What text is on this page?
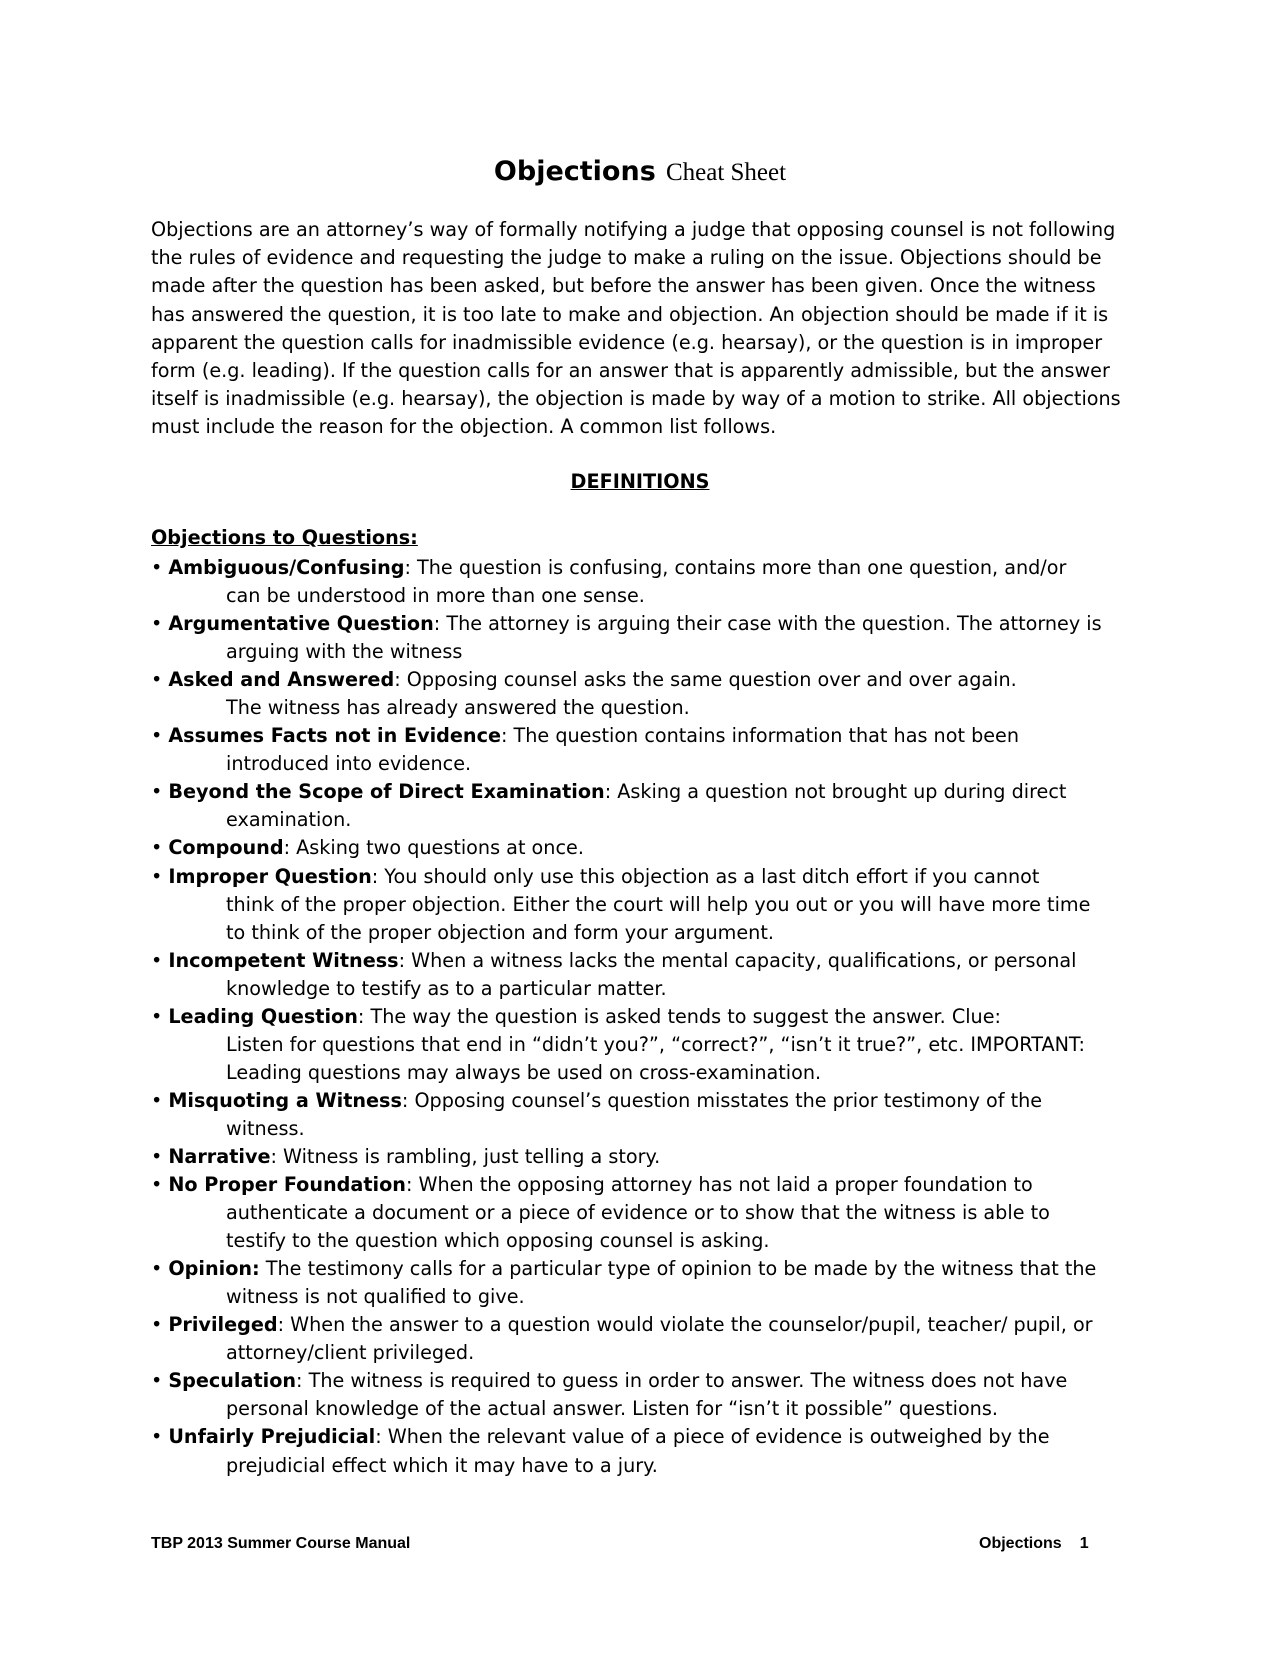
Objections Cheat Sheet

Objections are an attorney’s way of formally notifying a judge that opposing counsel is not following the rules of evidence and requesting the judge to make a ruling on the issue. Objections should be made after the question has been asked, but before the answer has been given. Once the witness has answered the question, it is too late to make and objection. An objection should be made if it is apparent the question calls for inadmissible evidence (e.g. hearsay), or the question is in improper form (e.g. leading). If the question calls for an answer that is apparently admissible, but the answer itself is inadmissible (e.g. hearsay), the objection is made by way of a motion to strike. All objections must include the reason for the objection. A common list follows.

DEFINITIONS
Objections to Questions:
• Ambiguous/Confusing: The question is confusing, contains more than one question, and/or
can be understood in more than one sense.
• Argumentative Question: The attorney is arguing their case with the question. The attorney is
arguing with the witness
• Asked and Answered: Opposing counsel asks the same question over and over again.
The witness has already answered the question.
• Assumes Facts not in Evidence: The question contains information that has not been
introduced into evidence.
• Beyond the Scope of Direct Examination: Asking a question not brought up during direct
examination.
• Compound: Asking two questions at once.
• Improper Question: You should only use this objection as a last ditch effort if you cannot
think of the proper objection. Either the court will help you out or you will have more time to think of the proper objection and form your argument.
• Incompetent Witness: When a witness lacks the mental capacity, qualifications, or personal
knowledge to testify as to a particular matter.
• Leading Question: The way the question is asked tends to suggest the answer. Clue:
Listen for questions that end in “didn’t you?”, “correct?”, “isn’t it true?”, etc. IMPORTANT: Leading questions may always be used on cross-examination.
• Misquoting a Witness: Opposing counsel’s question misstates the prior testimony of the
witness.
• Narrative: Witness is rambling, just telling a story.
• No Proper Foundation: When the opposing attorney has not laid a proper foundation to
authenticate a document or a piece of evidence or to show that the witness is able to testify to the question which opposing counsel is asking.
• Opinion: The testimony calls for a particular type of opinion to be made by the witness that the
witness is not qualified to give.
• Privileged: When the answer to a question would violate the counselor/pupil, teacher/ pupil, or
attorney/client privileged.
• Speculation: The witness is required to guess in order to answer. The witness does not have
personal knowledge of the actual answer. Listen for “isn’t it possible” questions.
• Unfairly Prejudicial: When the relevant value of a piece of evidence is outweighed by the
prejudicial effect which it may have to a jury.

TBP 2013 Summer Course Manual	Objections 1
